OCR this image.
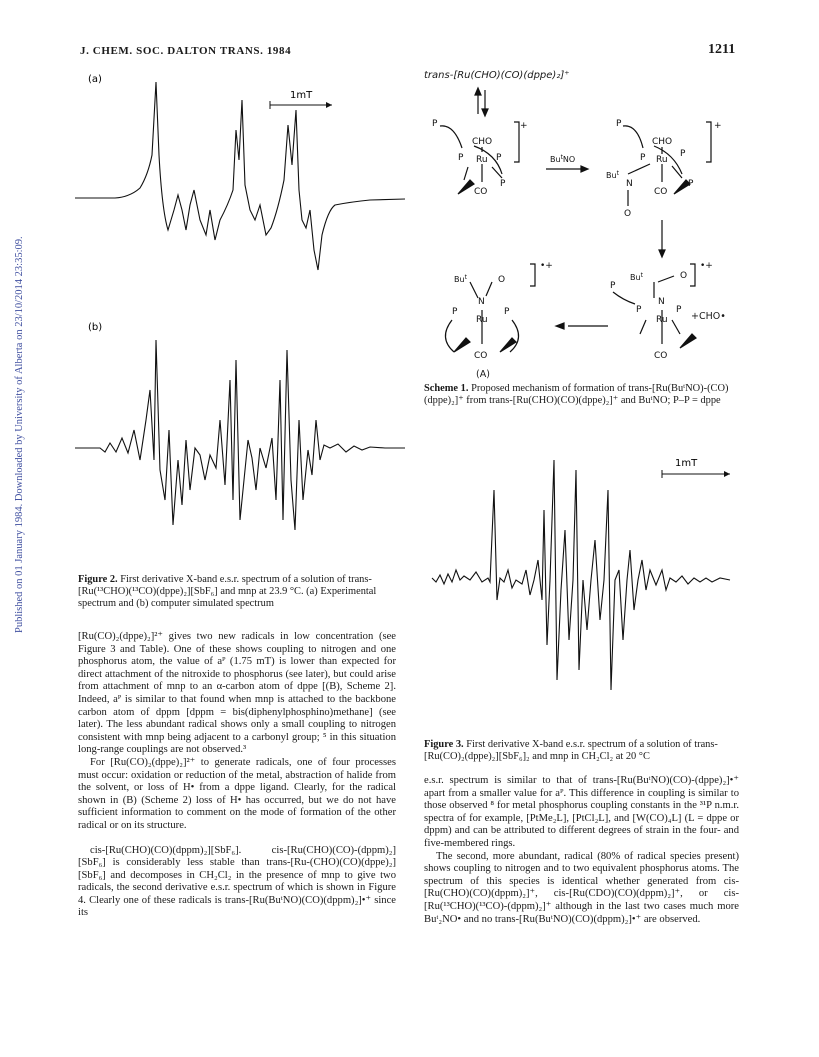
J. CHEM. SOC. DALTON TRANS. 1984	1211
Published on 01 January 1984. Downloaded by University of Alberta on 23/10/2014 23:35:09.
(a)
(b)
1mT
Figure 2. First derivative X-band e.s.r. spectrum of a solution of trans-[Ru(¹³CHO)(¹³CO)(dppe)₂][SbF₆] and mnp at 23.9 °C. (a) Experimental spectrum and (b) computer simulated spectrum

[Ru(CO)₂(dppe)₂]²⁺ gives two new radicals in low concentration (see Figure 3 and Table). One of these shows coupling to nitrogen and one phosphorus atom, the value of aᴾ (1.75 mT) is lower than expected for direct attachment of the nitroxide to phosphorus (see later), but could arise from attachment of mnp to an α-carbon atom of dppe [(B), Scheme 2]. Indeed, aᴾ is similar to that found when mnp is attached to the backbone carbon atom of dppm [dppm = bis(diphenylphosphino)methane] (see later). The less abundant radical shows only a small coupling to nitrogen consistent with mnp being adjacent to a carbonyl group; ⁵ in this situation long-range couplings are not observed.³

For [Ru(CO)₂(dppe)₂]²⁺ to generate radicals, one of four processes must occur: oxidation or reduction of the metal, abstraction of halide from the solvent, or loss of H• from a dppe ligand. Clearly, for the radical shown in (B) (Scheme 2) loss of H• has occurred, but we do not have sufficient information to comment on the mode of formation of the other radical or on its structure.

cis-[Ru(CHO)(CO)(dppm)₂][SbF₆]. cis-[Ru(CHO)(CO)-(dppm)₂][SbF₆] is considerably less stable than trans-[Ru-(CHO)(CO)(dppe)₂][SbF₆] and decomposes in CH₂Cl₂ in the presence of mnp to give two radicals, the second derivative e.s.r. spectrum of which is shown in Figure 4. Clearly one of these radicals is trans-[Ru(BuᵗNO)(CO)(dppm)₂]•⁺ since its

trans-[Ru(CHO)(CO)(dppe)₂]⁺
P
CHO
Ru
P	P
P
CO
+
$Bu^tNO$
P
CHO
Ru
P	P
P
Bu$^t$
N
O
CO
+
P
Bu$^t$
N
O
•+
Ru
P	P
CO
Bu$^t$	O
N
Ru
P	P
CO
•+
+CHO•
(A)
Scheme 1. Proposed mechanism of formation of trans-[Ru(BuᵗNO)-(CO)(dppe)₂]⁺ from trans-[Ru(CHO)(CO)(dppe)₂]⁺ and BuᵗNO; P–P = dppe
1mT
Figure 3. First derivative X-band e.s.r. spectrum of a solution of trans-[Ru(CO)₂(dppe)₂][SbF₆]₂ and mnp in CH₂Cl₂ at 20 °C

e.s.r. spectrum is similar to that of trans-[Ru(BuᵗNO)(CO)-(dppe)₂]•⁺ apart from a smaller value for aᴾ. This difference in coupling is similar to those observed ⁸ for metal phosphorus coupling constants in the ³¹P n.m.r. spectra of for example, [PtMe₂L], [PtCl₂L], and [W(CO)₄L] (L = dppe or dppm) and can be attributed to different degrees of strain in the four- and five-membered rings.

The second, more abundant, radical (80% of radical species present) shows coupling to nitrogen and to two equivalent phosphorus atoms. The spectrum of this species is identical whether generated from cis-[Ru(CHO)(CO)(dppm)₂]⁺, cis-[Ru(CDO)(CO)(dppm)₂]⁺, or cis-[Ru(¹³CHO)(¹³CO)-(dppm)₂]⁺ although in the last two cases much more Buᵗ₂NO• and no trans-[Ru(BuᵗNO)(CO)(dppm)₂]•⁺ are observed.
